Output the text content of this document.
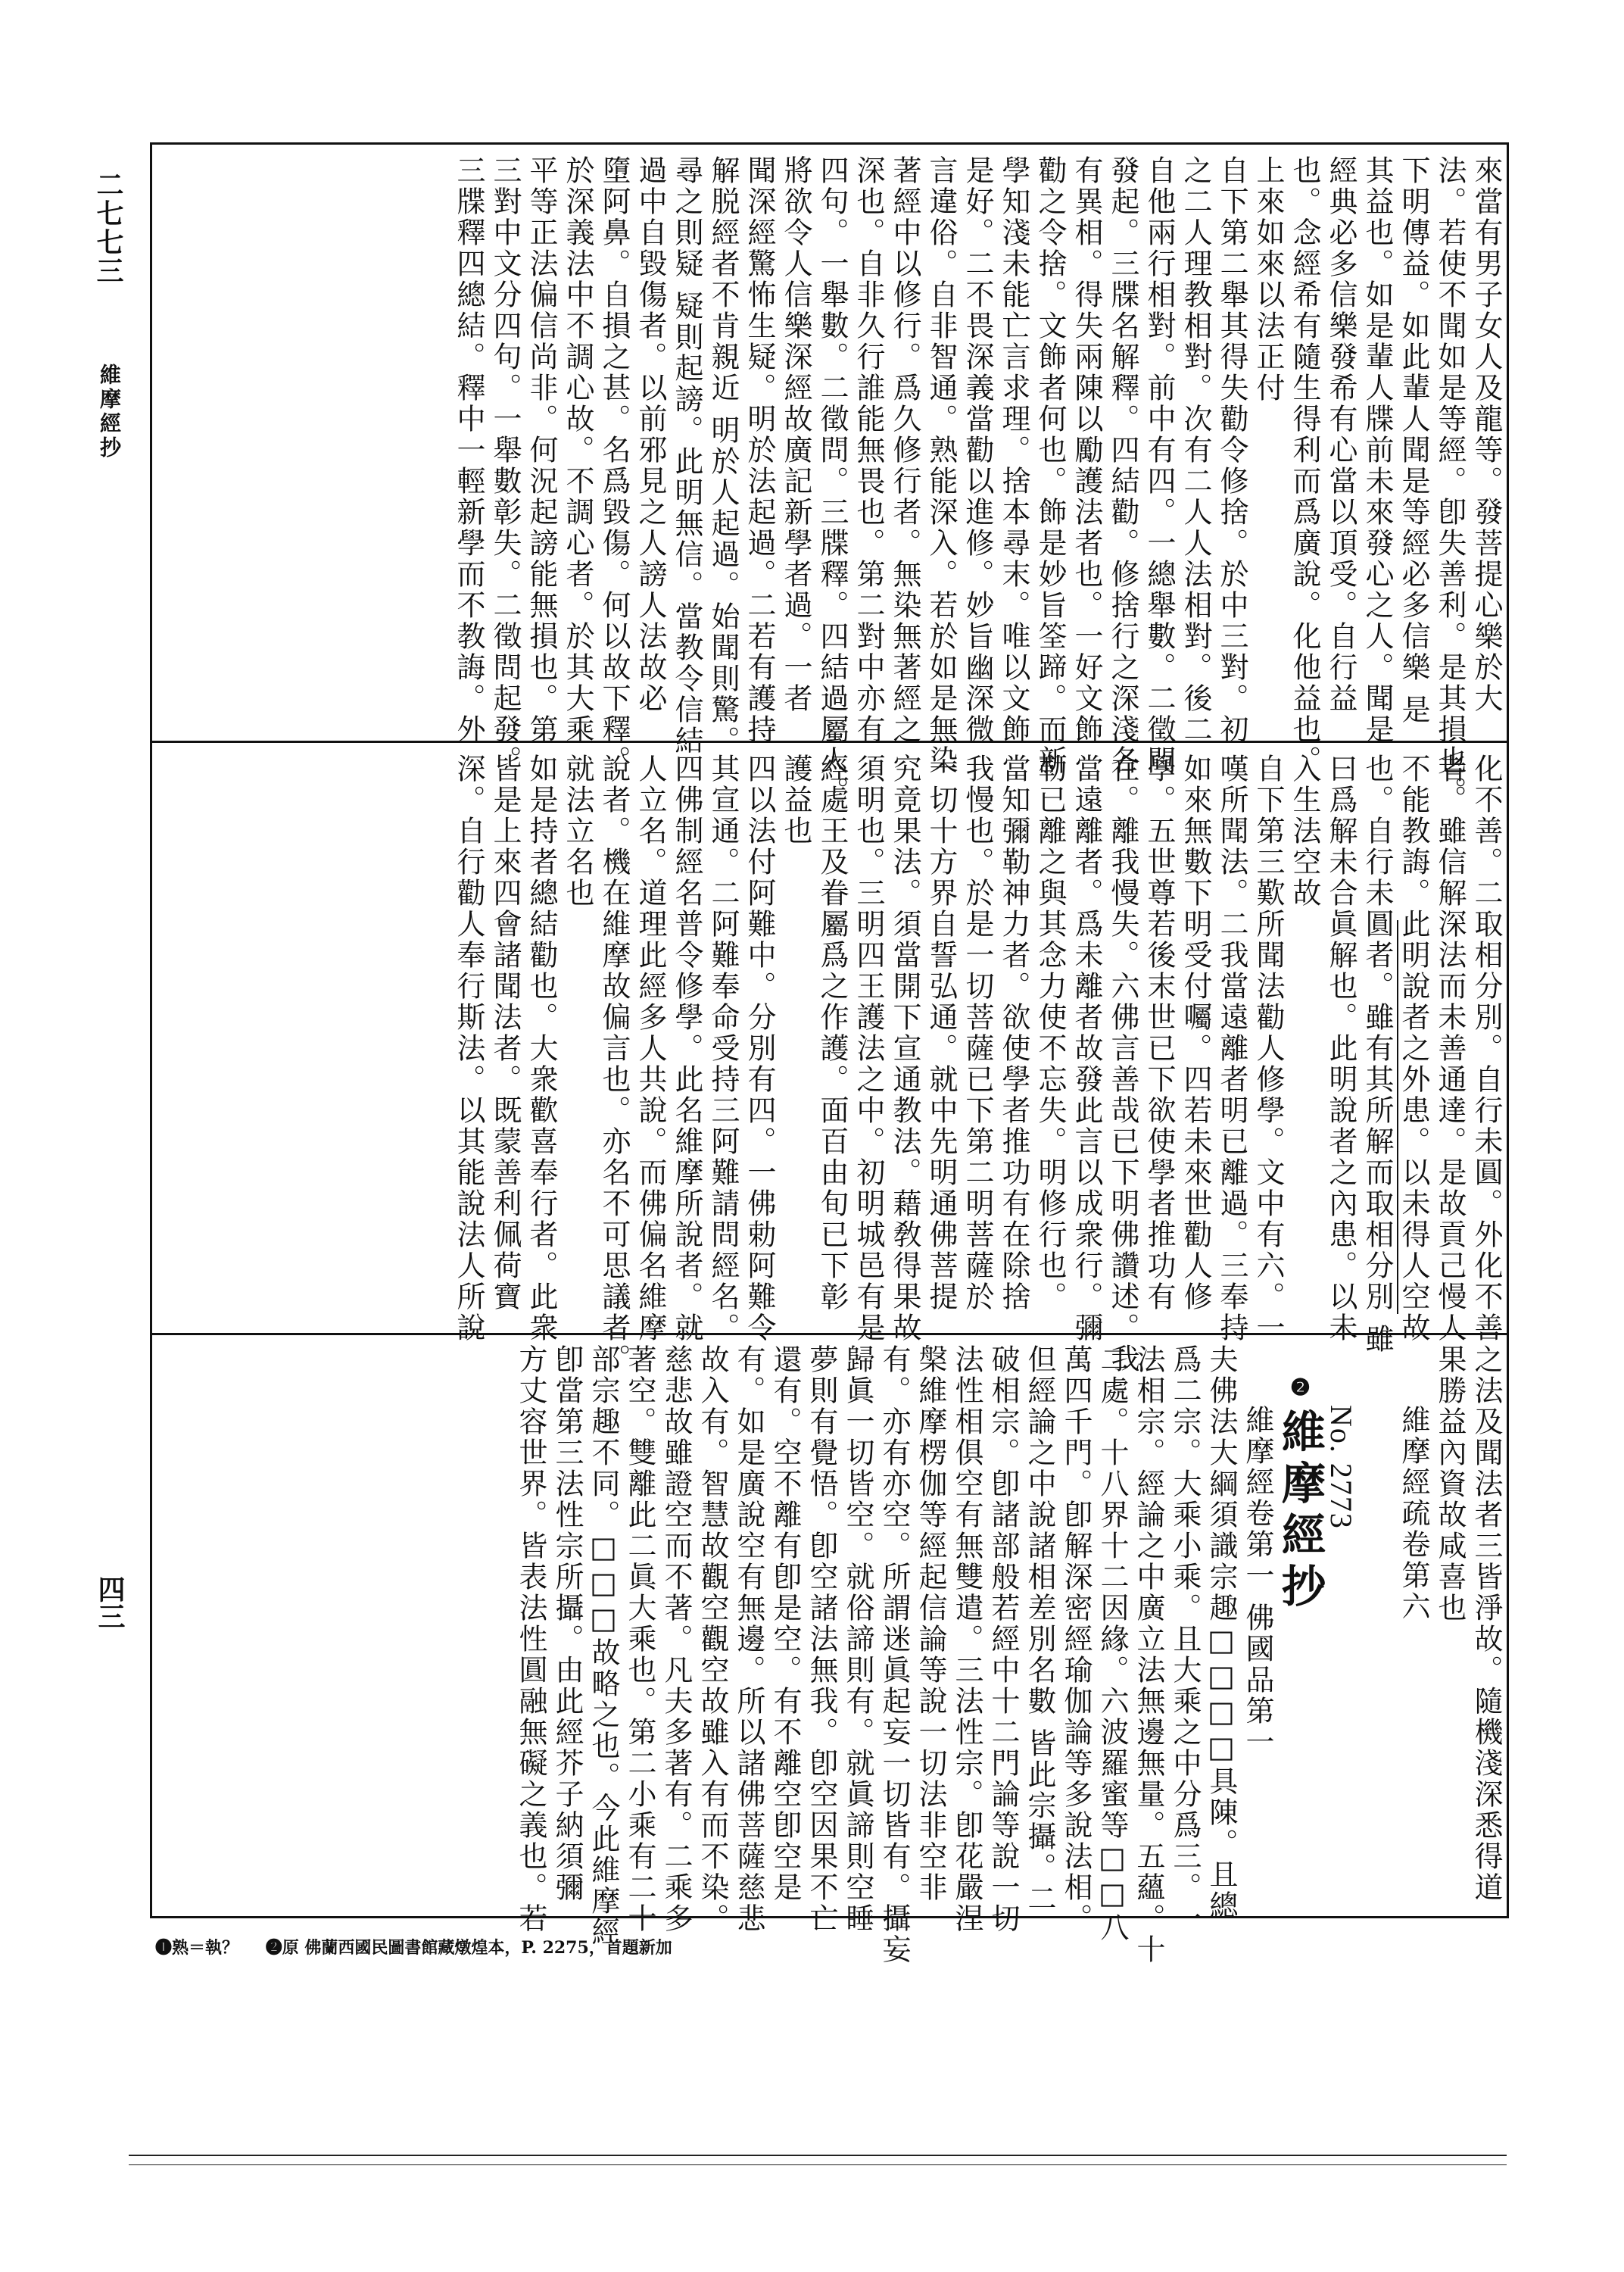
二七七三
維摩經抄
四三
來當有男子女人及龍等。發菩提心樂於大
法。若使不聞如是等經。卽失善利。是其損也。
下明傳益。如此輩人聞是等經必多信樂 是
其益也。如是輩人牒前未來發心之人。聞是
經典必多信樂發希有心當以頂受。自行益
也。念經希有隨生得利而爲廣說。化他益也。
上來如來以法正付
自下第二舉其得失勸令修捨。於中三對。初
之二人理教相對。次有二人人法相對。後二
自他兩行相對。前中有四。一總舉數。二徵問
發起。三牒名解釋。四結勸。修捨行之深淺各
有異相。得失兩陳以勵護法者也。一好文飾
勸之令捨。文飾者何也。飾是妙旨筌蹄。而新
學知淺未能亡言求理。捨本尋末。唯以文飾
是好。二不畏深義當勸以進修。妙旨幽深微
言違俗。自非智通。熟能深入。若於如是無染
著經中以修行。爲久修行者。無染無著經之
深也。自非久行誰能無畏也。第二對中亦有
四句。一舉數。二徵問。三牒釋。四結過屬人。
將欲令人信樂深經故廣記新學者過。一者
聞深經驚怖生疑。明於法起過。二若有護持
解脱經者不肯親近 明於人起過。始聞則驚。
尋之則疑 疑則起謗。此明無信。當教令信結
過中自毀傷者。以前邪見之人謗人法故必
墮阿鼻。自損之甚。名爲毀傷。何以故下釋。
於深義法中不調心故。不調心者。於其大乘
平等正法偏信尚非。何況起謗能無損也。第
三對中文分四句。一舉數彰失。二徵問起發。
三牒釋四總結。釋中一輕新學而不教誨。外
化不善。二取相分別。自行未圓。外化不善
者。雖信解深法而未善通達。是故貢己慢人
不能教誨。此明說者之外患。以未得人空故
也。自行未圓者。雖有其所解而取相分別 雖
曰爲解未合眞解也。此明說者之內患。以未
入生法空故
自下第三歎所聞法勸人修學。文中有六。一
嘆所聞法。二我當遠離者明已離過。三奉持
如來無數下明受付囑。四若未來世勸人修
學。五世尊若後末世已下欲使學者推功有
在。離我慢失。六佛言善哉已下明佛讚述。我
當遠離者。爲未離者故發此言以成衆行。彌
勒已離之與其念力使不忘失。明修行也。
當知彌勒神力者。欲使學者推功有在除捨
我慢也。於是一切菩薩已下第二明菩薩於
一切十方界自誓弘通。就中先明通佛菩提
究竟果法。須當開下宣通教法。藉敎得果故
須明也。三明四王護法之中。初明城邑有是
經處王及眷屬爲之作護。面百由旬已下彰
護益也
四以法付阿難中。分別有四。一佛勅阿難令
其宣通。二阿難奉命受持三阿難請問經名。
四佛制經名普令修學。此名維摩所說者。就
人立名。道理此經多人共說。而佛偏名維摩
說者。機在維摩故偏言也。亦名不可思議者。
就法立名也
如是持者總結勸也。大衆歡喜奉行者。此衆
皆是上來四會諸聞法者。既蒙善利佩荷寶
深。自行勸人奉行斯法。以其能說法人所說
之法及聞法者三皆淨故。隨機淺深悉得道
果勝益內資故咸喜也
維摩經疏卷第六
No. 2773
❷維摩經抄
維摩經卷第一 佛國品第一
夫佛法大綱須識宗趣□□□□具陳。且總
爲二宗。大乘小乘。且大乘之中分爲三。一
法相宗。經論之中廣立法無邊無量。五蘊。十
二處。十八界十二因緣。六波羅蜜等□□八
萬四千門。卽解深密經瑜伽論等多說法相。
但經論之中說諸相差別名數 皆此宗攝。二
破相宗。卽諸部般若經中十二門論等說一切
法性相俱空有無雙遣。三法性宗。卽花嚴涅
槃維摩楞伽等經起信論等說一切法非空非
有。亦有亦空。所謂迷眞起妄一切皆有。攝妄
歸眞一切皆空。就俗諦則有。就眞諦則空睡
夢則有覺悟。卽空諸法無我。卽空因果不亡
還有。空不離有卽是空。有不離空卽空是
有。如是廣說空有無邊。所以諸佛菩薩慈悲
故入有。智慧故觀空觀空故雖入有而不染。
慈悲故雖證空而不著。凡夫多著有。二乘多
著空。雙離此二眞大乘也。第二小乘有二十
部宗趣不同。□□□故略之也。今此維摩經
卽當第三法性宗所攝。由此經芥子納須彌
方丈容世界。皆表法性圓融無礙之義也。若
❶熟＝執？ ❷原 佛蘭西國民圖書館藏燉煌本，P. 2275，首題新加
